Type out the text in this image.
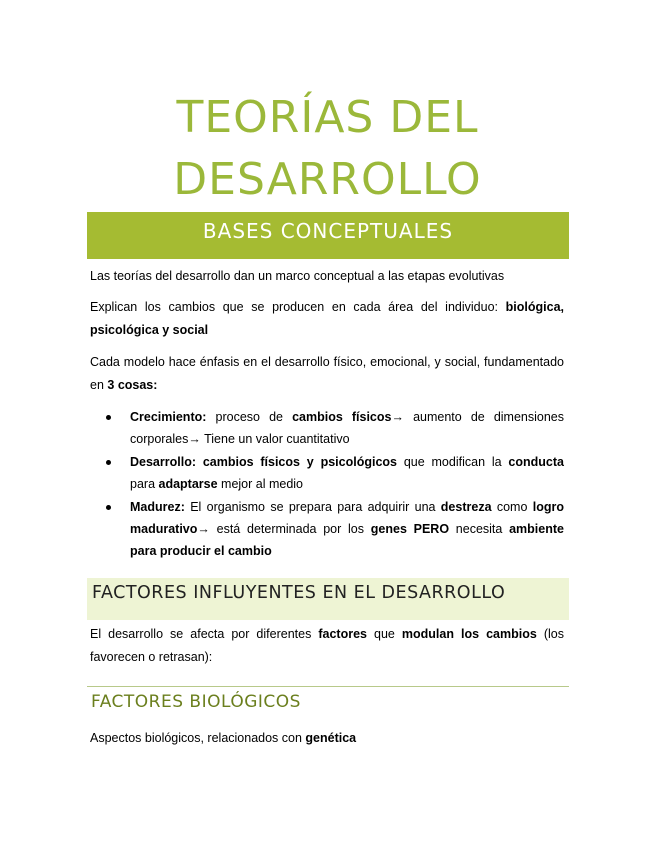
TEORÍAS DEL
DESARROLLO
BASES CONCEPTUALES

Las teorías del desarrollo dan un marco conceptual a las etapas evolutivas

Explican los cambios que se producen en cada área del individuo: biológica, psicológica y social

Cada modelo hace énfasis en el desarrollo físico, emocional, y social, fundamentado en 3 cosas:

Crecimiento: proceso de cambios físicos→ aumento de dimensiones corporales→ Tiene un valor cuantitativo
Desarrollo: cambios físicos y psicológicos que modifican la conducta para adaptarse mejor al medio
Madurez: El organismo se prepara para adquirir una destreza como logro madurativo→ está determinada por los genes PERO necesita ambiente para producir el cambio
FACTORES INFLUYENTES EN EL DESARROLLO

El desarrollo se afecta por diferentes factores que modulan los cambios (los favorecen o retrasan):

FACTORES BIOLÓGICOS

Aspectos biológicos, relacionados con genética
